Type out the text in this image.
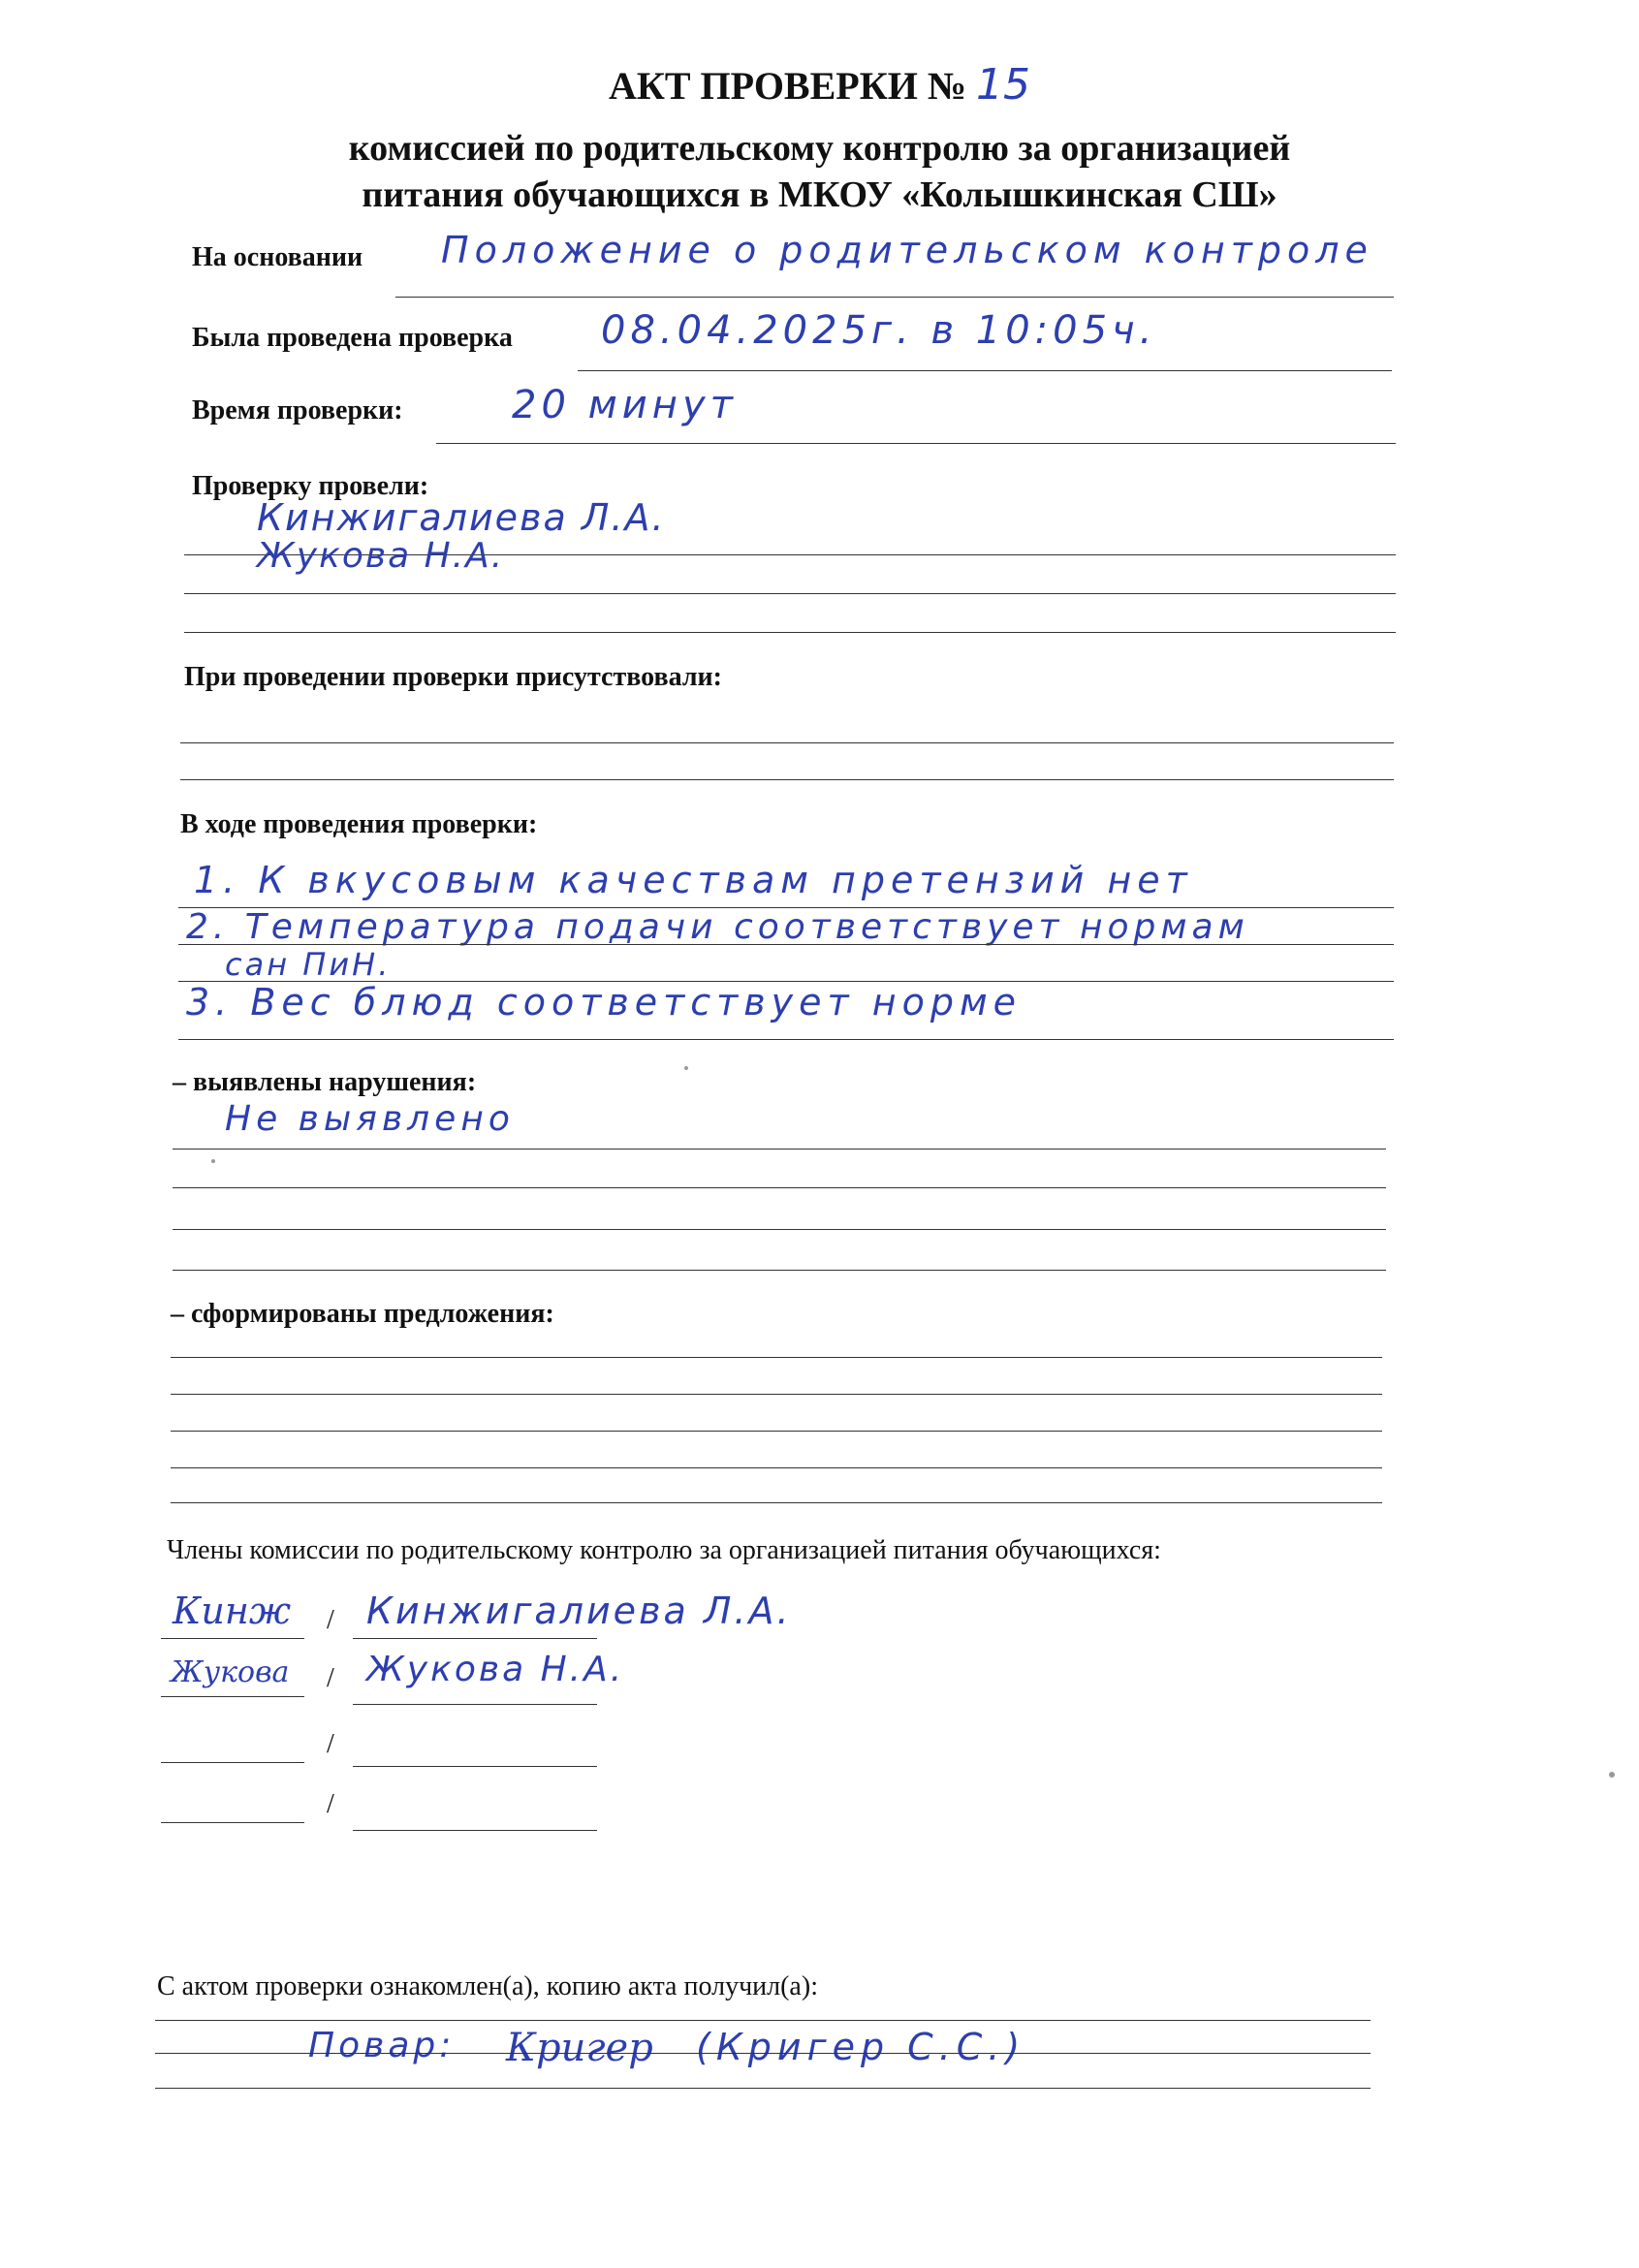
АКТ ПРОВЕРКИ № 15
комиссией по родительскому контролю за организацией
питания обучающихся в МКОУ «Колышкинская СШ»
На основании Положение о родительском контроле
Была проведена проверка 08.04.2025г. в 10:05ч.
Время проверки:	20 минут
Проверку провели:
Кинжигалиева Л.А.
Жукова Н.А.
При проведении проверки присутствовали:
В ходе проведения проверки:
1. К вкусовым качествам претензий нет
2. Температура подачи соответствует нормам
сан ПиН.
3. Вес блюд соответствует норме
– выявлены нарушения:
Не выявлено
– сформированы предложения:
Члены комиссии по родительскому контролю за организацией питания обучающихся:
Кинж / Кинжигалиева Л.А.
Жукова / Жукова Н.А.
/
/
С актом проверки ознакомлен(а), копию акта получил(а):
Повар: Кригер (Кригер С.С.)
